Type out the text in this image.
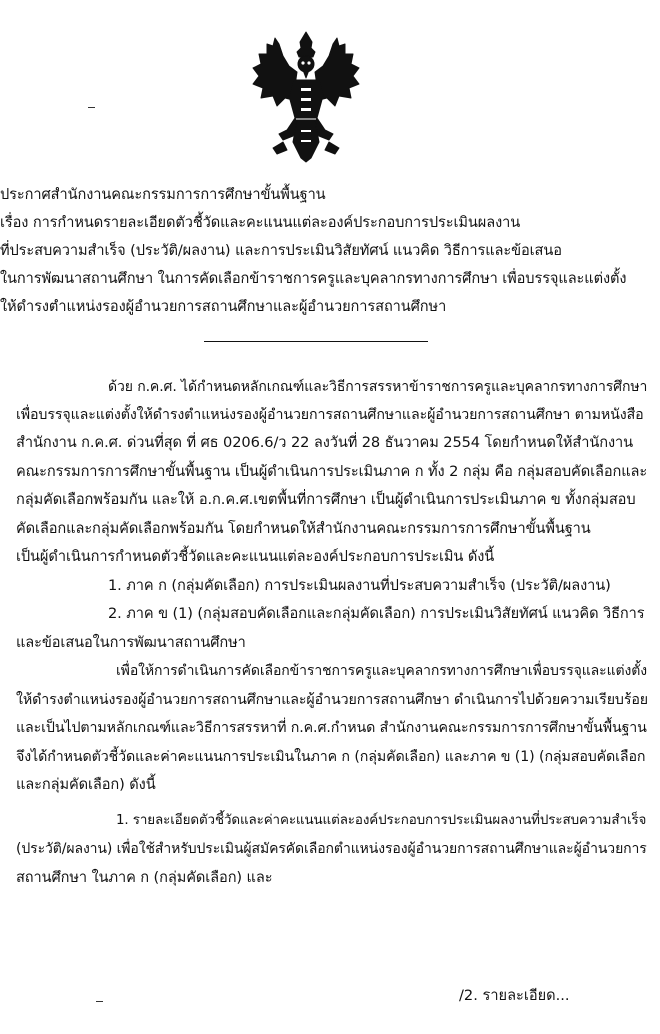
ประกาศสำนักงานคณะกรรมการการศึกษาขั้นพื้นฐาน
เรื่อง การกำหนดรายละเอียดตัวชี้วัดและคะแนนแต่ละองค์ประกอบการประเมินผลงาน
ที่ประสบความสำเร็จ (ประวัติ/ผลงาน) และการประเมินวิสัยทัศน์ แนวคิด วิธีการและข้อเสนอ
ในการพัฒนาสถานศึกษา ในการคัดเลือกข้าราชการครูและบุคลากรทางการศึกษา เพื่อบรรจุและแต่งตั้ง
ให้ดำรงตำแหน่งรองผู้อำนวยการสถานศึกษาและผู้อำนวยการสถานศึกษา
ด้วย ก.ค.ศ. ได้กำหนดหลักเกณฑ์และวิธีการสรรหาข้าราชการครูและบุคลากรทางการศึกษา
เพื่อบรรจุและแต่งตั้งให้ดำรงตำแหน่งรองผู้อำนวยการสถานศึกษาและผู้อำนวยการสถานศึกษา ตามหนังสือ
สำนักงาน ก.ค.ศ. ด่วนที่สุด ที่ ศธ 0206.6/ว 22 ลงวันที่ 28 ธันวาคม 2554 โดยกำหนดให้สำนักงาน
คณะกรรมการการศึกษาขั้นพื้นฐาน เป็นผู้ดำเนินการประเมินภาค ก ทั้ง 2 กลุ่ม คือ กลุ่มสอบคัดเลือกและ
กลุ่มคัดเลือกพร้อมกัน และให้ อ.ก.ค.ศ.เขตพื้นที่การศึกษา เป็นผู้ดำเนินการประเมินภาค ข ทั้งกลุ่มสอบ
คัดเลือกและกลุ่มคัดเลือกพร้อมกัน โดยกำหนดให้สำนักงานคณะกรรมการการศึกษาขั้นพื้นฐาน
เป็นผู้ดำเนินการกำหนดตัวชี้วัดและคะแนนแต่ละองค์ประกอบการประเมิน ดังนี้
1. ภาค ก (กลุ่มคัดเลือก) การประเมินผลงานที่ประสบความสำเร็จ (ประวัติ/ผลงาน)
2. ภาค ข (1) (กลุ่มสอบคัดเลือกและกลุ่มคัดเลือก) การประเมินวิสัยทัศน์ แนวคิด วิธีการ
และข้อเสนอในการพัฒนาสถานศึกษา
เพื่อให้การดำเนินการคัดเลือกข้าราชการครูและบุคลากรทางการศึกษาเพื่อบรรจุและแต่งตั้ง
ให้ดำรงตำแหน่งรองผู้อำนวยการสถานศึกษาและผู้อำนวยการสถานศึกษา ดำเนินการไปด้วยความเรียบร้อย
และเป็นไปตามหลักเกณฑ์และวิธีการสรรหาที่ ก.ค.ศ.กำหนด สำนักงานคณะกรรมการการศึกษาขั้นพื้นฐาน
จึงได้กำหนดตัวชี้วัดและค่าคะแนนการประเมินในภาค ก (กลุ่มคัดเลือก) และภาค ข (1) (กลุ่มสอบคัดเลือก
และกลุ่มคัดเลือก) ดังนี้
1. รายละเอียดตัวชี้วัดและค่าคะแนนแต่ละองค์ประกอบการประเมินผลงานที่ประสบความสำเร็จ
(ประวัติ/ผลงาน) เพื่อใช้สำหรับประเมินผู้สมัครคัดเลือกตำแหน่งรองผู้อำนวยการสถานศึกษาและผู้อำนวยการ
สถานศึกษา ในภาค ก (กลุ่มคัดเลือก) และ
/2. รายละเอียด...
